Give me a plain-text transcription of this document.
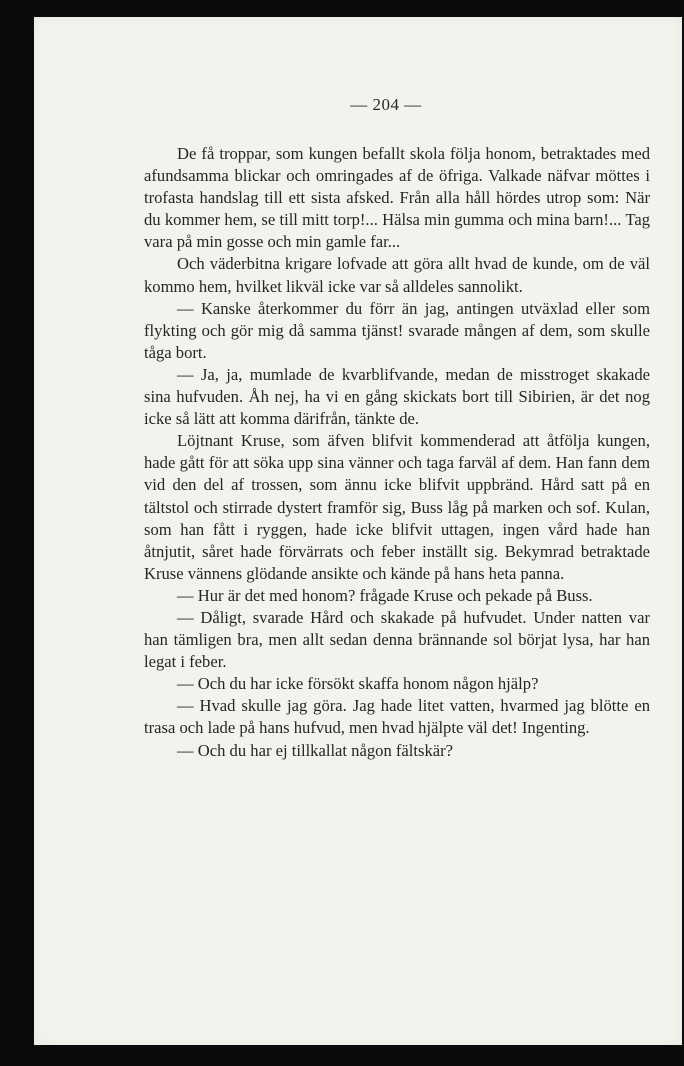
— 204 —

De få troppar, som kungen befallt skola följa honom, betraktades med afundsamma blickar och omringades af de öfriga. Valkade näfvar möttes i trofasta handslag till ett sista afsked. Från alla håll hördes utrop som: När du kommer hem, se till mitt torp!... Hälsa min gumma och mina barn!... Tag vara på min gosse och min gamle far...

Och väderbitna krigare lofvade att göra allt hvad de kunde, om de väl kommo hem, hvilket likväl icke var så alldeles sannolikt.

— Kanske återkommer du förr än jag, antingen utväxlad eller som flykting och gör mig då samma tjänst! svarade mången af dem, som skulle tåga bort.

— Ja, ja, mumlade de kvarblifvande, medan de misstroget skakade sina hufvuden. Åh nej, ha vi en gång skickats bort till Sibirien, är det nog icke så lätt att komma därifrån, tänkte de.

Löjtnant Kruse, som äfven blifvit kommenderad att åtfölja kungen, hade gått för att söka upp sina vänner och taga farväl af dem. Han fann dem vid den del af trossen, som ännu icke blifvit uppbränd. Hård satt på en tältstol och stirrade dystert framför sig, Buss låg på marken och sof. Kulan, som han fått i ryggen, hade icke blifvit uttagen, ingen vård hade han åtnjutit, såret hade förvärrats och feber inställt sig. Bekymrad betraktade Kruse vännens glödande ansikte och kände på hans heta panna.

— Hur är det med honom? frågade Kruse och pekade på Buss.

— Dåligt, svarade Hård och skakade på hufvudet. Under natten var han tämligen bra, men allt sedan denna brännande sol börjat lysa, har han legat i feber.

— Och du har icke försökt skaffa honom någon hjälp?

— Hvad skulle jag göra. Jag hade litet vatten, hvarmed jag blötte en trasa och lade på hans hufvud, men hvad hjälpte väl det! Ingenting.

— Och du har ej tillkallat någon fältskär?
